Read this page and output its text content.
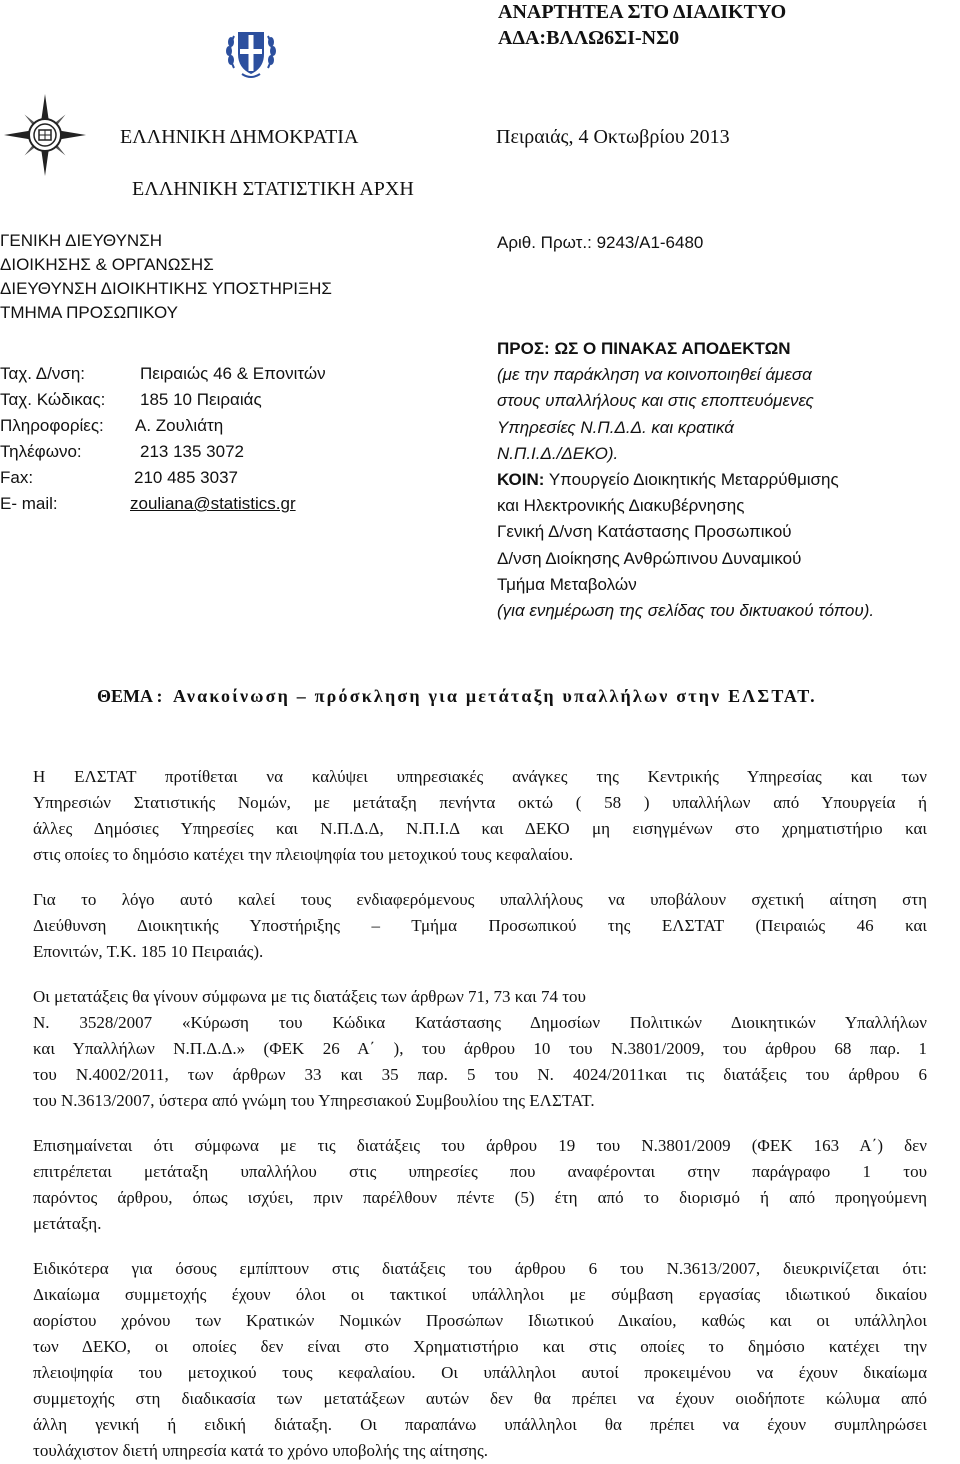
ΑΝΑΡΤΗΤΕΑ ΣΤΟ ΔΙΑΔΙΚΤΥΟ
ΑΔΑ:ΒΛΛΩ6ΣΙ-ΝΣ0
ΕΛΛΗΝΙΚΗ ΔΗΜΟΚΡΑΤΙΑ	Πειραιάς, 4 Οκτωβρίου 2013
ΕΛΛΗΝΙΚΗ ΣΤΑΤΙΣΤΙΚΗ ΑΡΧΗ
ΓΕΝΙΚΗ ΔΙΕΥΘΥΝΣΗ
ΔΙΟΙΚΗΣΗΣ & ΟΡΓΑΝΩΣΗΣ
ΔΙΕΥΘΥΝΣΗ ΔΙΟΙΚΗΤΙΚΗΣ ΥΠΟΣΤΗΡΙΞΗΣ
ΤΜΗΜΑ ΠΡΟΣΩΠΙΚΟΥ
Ταχ. Δ/νση:	Πειραιώς 46 & Επονιτών
Ταχ. Κώδικας: 185 10 Πειραιάς
Πληροφορίες: Α. Ζουλιάτη
Τηλέφωνο:	213 135 3072
Fax:	210 485 3037
E- mail:	zouliana@statistics.gr
Αριθ. Πρωτ.: 9243/Α1-6480
ΠΡΟΣ: ΩΣ Ο ΠΙΝΑΚΑΣ ΑΠΟΔΕΚΤΩΝ
(με την παράκληση να κοινοποιηθεί άμεσα
στους υπαλλήλους και στις εποπτευόμενες
Υπηρεσίες Ν.Π.Δ.Δ. και κρατικά
Ν.Π.Ι.Δ./ΔΕΚΟ).
ΚΟΙΝ: Υπουργείο Διοικητικής Μεταρρύθμισης
και Ηλεκτρονικής Διακυβέρνησης
Γενική Δ/νση Κατάστασης Προσωπικού
Δ/νση Διοίκησης Ανθρώπινου Δυναμικού
Τμήμα Μεταβολών
(για ενημέρωση της σελίδας του δικτυακού τόπου).
ΘΕΜΑ : Ανακοίνωση – πρόσκληση για μετάταξη υπαλλήλων στην ΕΛΣΤΑΤ.
Η ΕΛΣΤΑΤ προτίθεται να καλύψει υπηρεσιακές ανάγκες της Κεντρικής Υπηρεσίας και των
Υπηρεσιών Στατιστικής Νομών, με μετάταξη πενήντα οκτώ ( 58 ) υπαλλήλων από Υπουργεία ή
άλλες Δημόσιες Υπηρεσίες και Ν.Π.Δ.Δ, Ν.Π.Ι.Δ και ΔΕΚΟ μη εισηγμένων στο χρηματιστήριο και
στις οποίες το δημόσιο κατέχει την πλειοψηφία του μετοχικού τους κεφαλαίου.
Για το λόγο αυτό καλεί τους ενδιαφερόμενους υπαλλήλους να υποβάλουν σχετική αίτηση στη
Διεύθυνση Διοικητικής Υποστήριξης – Τμήμα Προσωπικού της ΕΛΣΤΑΤ (Πειραιώς 46 και
Επονιτών, Τ.Κ. 185 10 Πειραιάς).
Οι μετατάξεις θα γίνουν σύμφωνα με τις διατάξεις των άρθρων 71, 73 και 74 του
Ν. 3528/2007 «Κύρωση του Κώδικα Κατάστασης Δημοσίων Πολιτικών Διοικητικών Υπαλλήλων
και Υπαλλήλων Ν.Π.Δ.Δ.» (ΦΕΚ 26 Α΄ ), του άρθρου 10 του Ν.3801/2009, του άρθρου 68 παρ. 1
του Ν.4002/2011, των άρθρων 33 και 35 παρ. 5 του Ν. 4024/2011και τις διατάξεις του άρθρου 6
του Ν.3613/2007, ύστερα από γνώμη του Υπηρεσιακού Συμβουλίου της ΕΛΣΤΑΤ.
Επισημαίνεται ότι σύμφωνα με τις διατάξεις του άρθρου 19 του Ν.3801/2009 (ΦΕΚ 163 Α΄) δεν
επιτρέπεται μετάταξη υπαλλήλου στις υπηρεσίες που αναφέρονται στην παράγραφο 1 του
παρόντος άρθρου, όπως ισχύει, πριν παρέλθουν πέντε (5) έτη από το διορισμό ή από προηγούμενη
μετάταξη.
Ειδικότερα για όσους εμπίπτουν στις διατάξεις του άρθρου 6 του Ν.3613/2007, διευκρινίζεται ότι:
Δικαίωμα συμμετοχής έχουν όλοι οι τακτικοί υπάλληλοι με σύμβαση εργασίας ιδιωτικού δικαίου
αορίστου χρόνου των Κρατικών Νομικών Προσώπων Ιδιωτικού Δικαίου, καθώς και οι υπάλληλοι
των ΔΕΚΟ, οι οποίες δεν είναι στο Χρηματιστήριο και στις οποίες το δημόσιο κατέχει την
πλειοψηφία του μετοχικού τους κεφαλαίου. Οι υπάλληλοι αυτοί προκειμένου να έχουν δικαίωμα
συμμετοχής στη διαδικασία των μετατάξεων αυτών δεν θα πρέπει να έχουν οιοδήποτε κώλυμα από
άλλη γενική ή ειδική διάταξη. Οι παραπάνω υπάλληλοι θα πρέπει να έχουν συμπληρώσει
τουλάχιστον διετή υπηρεσία κατά το χρόνο υποβολής της αίτησης.
